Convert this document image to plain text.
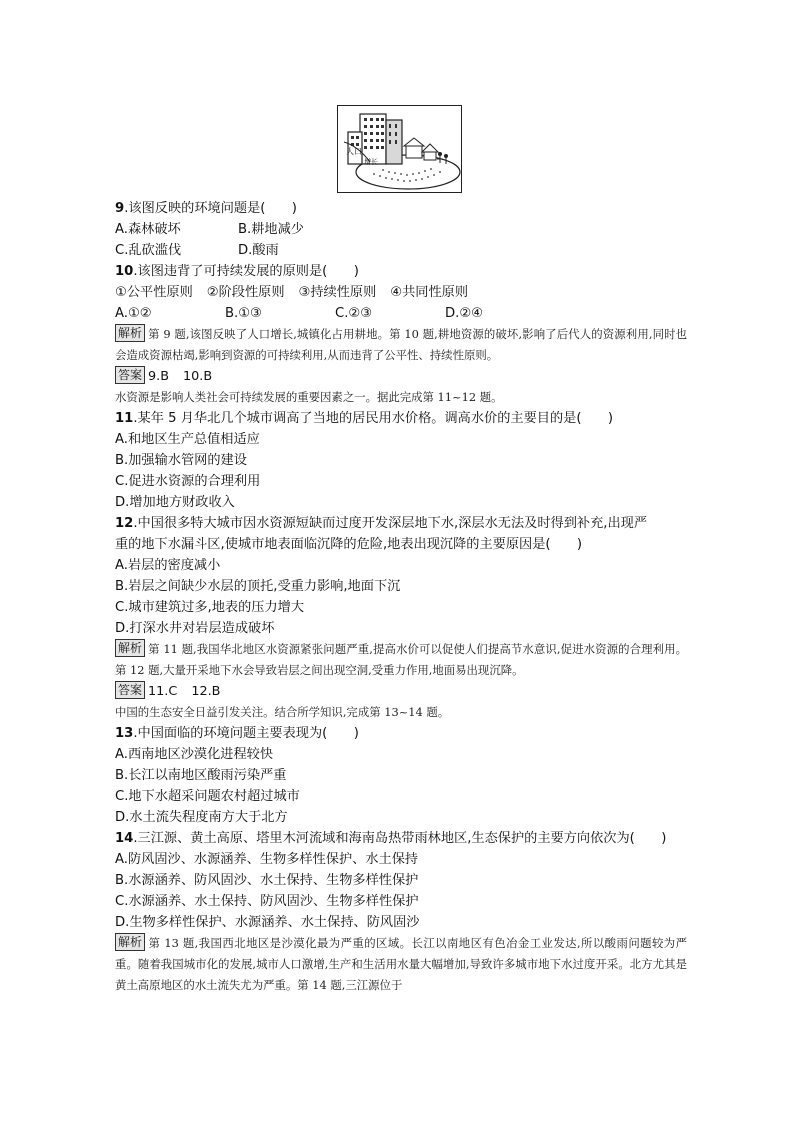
人口
增长
9.该图反映的环境问题是(　　)
A.森林破坏	B.耕地减少
C.乱砍滥伐	D.酸雨
10.该图违背了可持续发展的原则是(　　)
①公平性原则 ②阶段性原则 ③持续性原则 ④共同性原则
A.①②	B.①③	C.②③	D.②④
解析 第 9 题,该图反映了人口增长,城镇化占用耕地。第 10 题,耕地资源的破坏,影响了后代人的资源利用,同时也会造成资源枯竭,影响到资源的可持续利用,从而违背了公平性、持续性原则。
答案 9.B 10.B
水资源是影响人类社会可持续发展的重要因素之一。据此完成第 11~12 题。
11.某年 5 月华北几个城市调高了当地的居民用水价格。调高水价的主要目的是(　　)
A.和地区生产总值相适应
B.加强输水管网的建设
C.促进水资源的合理利用
D.增加地方财政收入
12.中国很多特大城市因水资源短缺而过度开发深层地下水,深层水无法及时得到补充,出现严
重的地下水漏斗区,使城市地表面临沉降的危险,地表出现沉降的主要原因是(　　)
A.岩层的密度减小
B.岩层之间缺少水层的顶托,受重力影响,地面下沉
C.城市建筑过多,地表的压力增大
D.打深水井对岩层造成破坏
解析 第 11 题,我国华北地区水资源紧张问题严重,提高水价可以促使人们提高节水意识,促进水资源的合理利用。第 12 题,大量开采地下水会导致岩层之间出现空洞,受重力作用,地面易出现沉降。
答案 11.C 12.B
中国的生态安全日益引发关注。结合所学知识,完成第 13~14 题。
13.中国面临的环境问题主要表现为(　　)
A.西南地区沙漠化进程较快
B.长江以南地区酸雨污染严重
C.地下水超采问题农村超过城市
D.水土流失程度南方大于北方
14.三江源、黄土高原、塔里木河流域和海南岛热带雨林地区,生态保护的主要方向依次为(　　)
A.防风固沙、水源涵养、生物多样性保护、水土保持
B.水源涵养、防风固沙、水土保持、生物多样性保护
C.水源涵养、水土保持、防风固沙、生物多样性保护
D.生物多样性保护、水源涵养、水土保持、防风固沙
解析 第 13 题,我国西北地区是沙漠化最为严重的区域。长江以南地区有色冶金工业发达,所以酸雨问题较为严重。随着我国城市化的发展,城市人口激增,生产和生活用水量大幅增加,导致许多城市地下水过度开采。北方尤其是黄土高原地区的水土流失尤为严重。第 14 题,三江源位于
